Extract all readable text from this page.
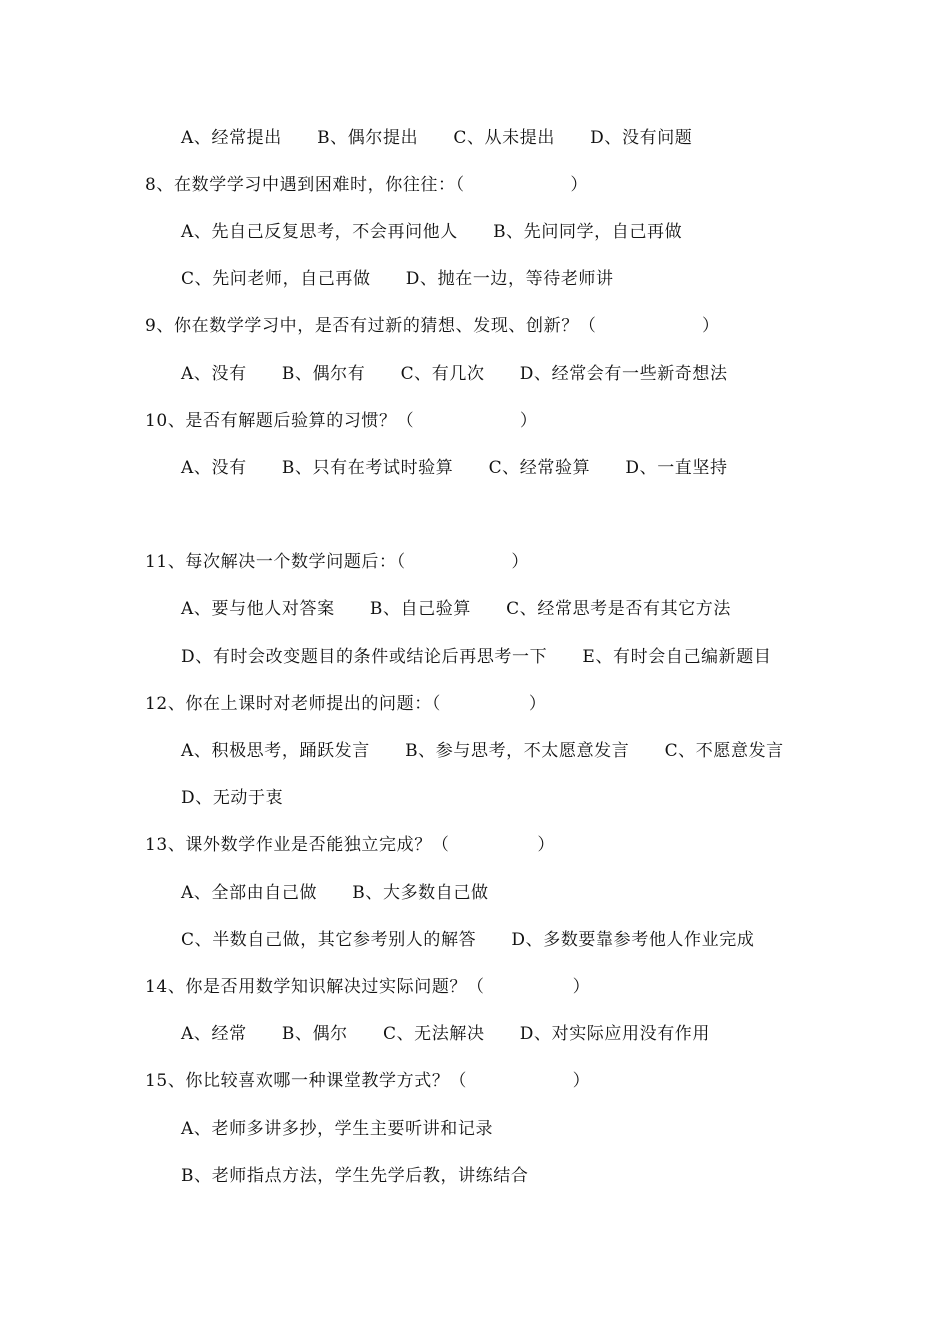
A、经常提出　　B、偶尔提出　　C、从未提出　　D、没有问题
8、在数学学习中遇到困难时，你往往：（　　　　　　）
A、先自己反复思考，不会再问他人　　B、先问同学，自己再做
C、先问老师，自己再做　　D、抛在一边，等待老师讲
9、你在数学学习中，是否有过新的猜想、发现、创新？（　　　　　　）
A、没有　　B、偶尔有　　C、有几次　　D、经常会有一些新奇想法
10、是否有解题后验算的习惯？（　　　　　　）
A、没有　　B、只有在考试时验算　　C、经常验算　　D、一直坚持
11、每次解决一个数学问题后：（　　　　　　）
A、要与他人对答案　　B、自己验算　　C、经常思考是否有其它方法
D、有时会改变题目的条件或结论后再思考一下　　E、有时会自己编新题目
12、你在上课时对老师提出的问题：（　　　　　）
A、积极思考，踊跃发言　　B、参与思考，不太愿意发言　　C、不愿意发言
D、无动于衷
13、课外数学作业是否能独立完成？（　　　　　）
A、全部由自己做　　B、大多数自己做
C、半数自己做，其它参考别人的解答　　D、多数要靠参考他人作业完成
14、你是否用数学知识解决过实际问题？（　　　　　）
A、经常　　B、偶尔　　C、无法解决　　D、对实际应用没有作用
15、你比较喜欢哪一种课堂教学方式？（　　　　　　）
A、老师多讲多抄，学生主要听讲和记录
B、老师指点方法，学生先学后教，讲练结合
